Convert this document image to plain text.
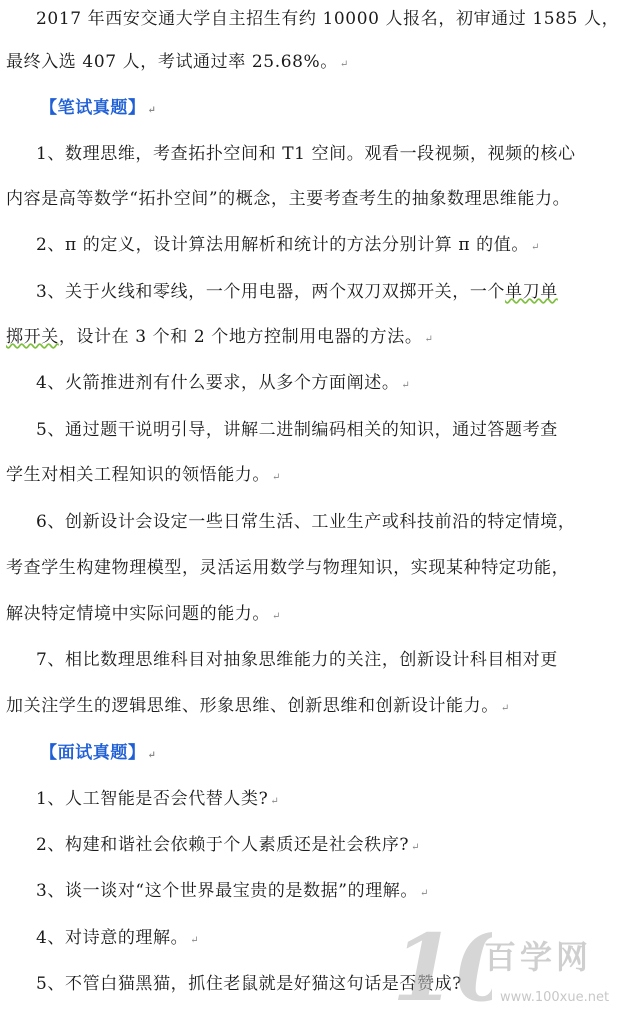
2017 年西安交通大学自主招生有约 10000 人报名，初审通过 1585 人，
最终入选 407 人，考试通过率 25.68%。 ↵
【笔试真题】 ↵
1、数理思维，考查拓扑空间和 T1 空间。观看一段视频，视频的核心
内容是高等数学“拓扑空间”的概念，主要考查考生的抽象数理思维能力。
2、π 的定义，设计算法用解析和统计的方法分别计算 π 的值。 ↵
3、关于火线和零线，一个用电器，两个双刀双掷开关，一个单刀单
掷开关，设计在 3 个和 2 个地方控制用电器的方法。 ↵
4、火箭推进剂有什么要求，从多个方面阐述。 ↵
5、通过题干说明引导，讲解二进制编码相关的知识，通过答题考查
学生对相关工程知识的领悟能力。 ↵
6、创新设计会设定一些日常生活、工业生产或科技前沿的特定情境，
考查学生构建物理模型，灵活运用数学与物理知识，实现某种特定功能，
解决特定情境中实际问题的能力。 ↵
7、相比数理思维科目对抽象思维能力的关注，创新设计科目相对更
加关注学生的逻辑思维、形象思维、创新思维和创新设计能力。 ↵
【面试真题】 ↵
1、人工智能是否会代替人类? ↵
2、构建和谐社会依赖于个人素质还是社会秩序? ↵
3、谈一谈对“这个世界最宝贵的是数据”的理解。 ↵
4、对诗意的理解。 ↵
5、不管白猫黑猫，抓住老鼠就是好猫这句话是否赞成?
1 百学网
www.100xue.net
